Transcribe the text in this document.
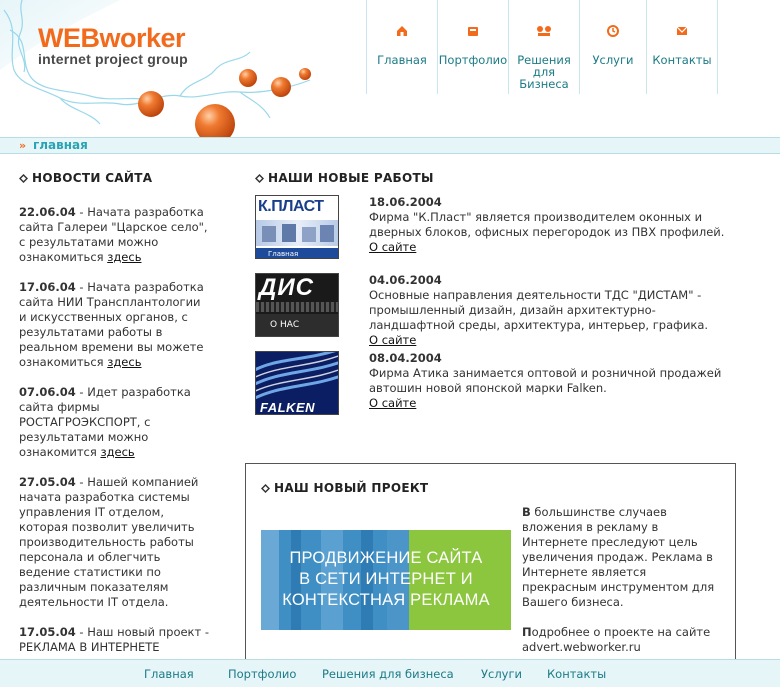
WEBworker
internet project group	Главная Портфолио Решения для Бизнеса
Услуги Контакты
» главная
НОВОСТИ САЙТА
22.06.04 - Начата разработка сайта Галереи "Царское село", с результатами можно ознакомиться здесь
17.06.04 - Начата разработка сайта НИИ Трансплантологии и искусственных органов, с результатами работы в реальном времени вы можете ознакомиться здесь
07.06.04 - Идет разработка сайта фирмы РОСТАГРОЭКСПОРТ, с результатами можно ознакомится здесь
27.05.04 - Нашей компанией начата разработка системы управления IT отделом, которая позволит увеличить производительность работы персонала и облегчить ведение статистики по различным показателям деятельности IT отдела.
17.05.04 - Наш новый проект - РЕКЛАМА В ИНТЕРНЕТЕ
НАШИ НОВЫЕ РАБОТЫ
К.ПЛАСТ
Главная
18.06.2004
Фирма "К.Пласт" является производителем оконных и дверных блоков, офисных перегородок из ПВХ профилей.
О сайте
ДИС
О НАС
04.06.2004
Основные направления деятельности ТДС "ДИСТАМ" - промышленный дизайн, дизайн архитектурно-ландшафтной среды, архитектура, интерьер, графика.
О сайте
FALKEN
08.04.2004
Фирма Атика занимается оптовой и розничной продажей автошин новой японской марки Falken.
О сайте
НАШ НОВЫЙ ПРОЕКТ
ПРОДВИЖЕНИЕ САЙТА
В СЕТИ ИНТЕРНЕТ И
КОНТЕКСТНАЯ РЕКЛАМА
В большинстве случаев вложения в рекламу в Интернете преследуют цель увеличения продаж. Реклама в Интернете является прекрасным инструментом для Вашего бизнеса.
Подробнее о проекте на сайте advert.webworker.ru
Главная	Портфолио Решения для бизнеса Услуги Контакты
